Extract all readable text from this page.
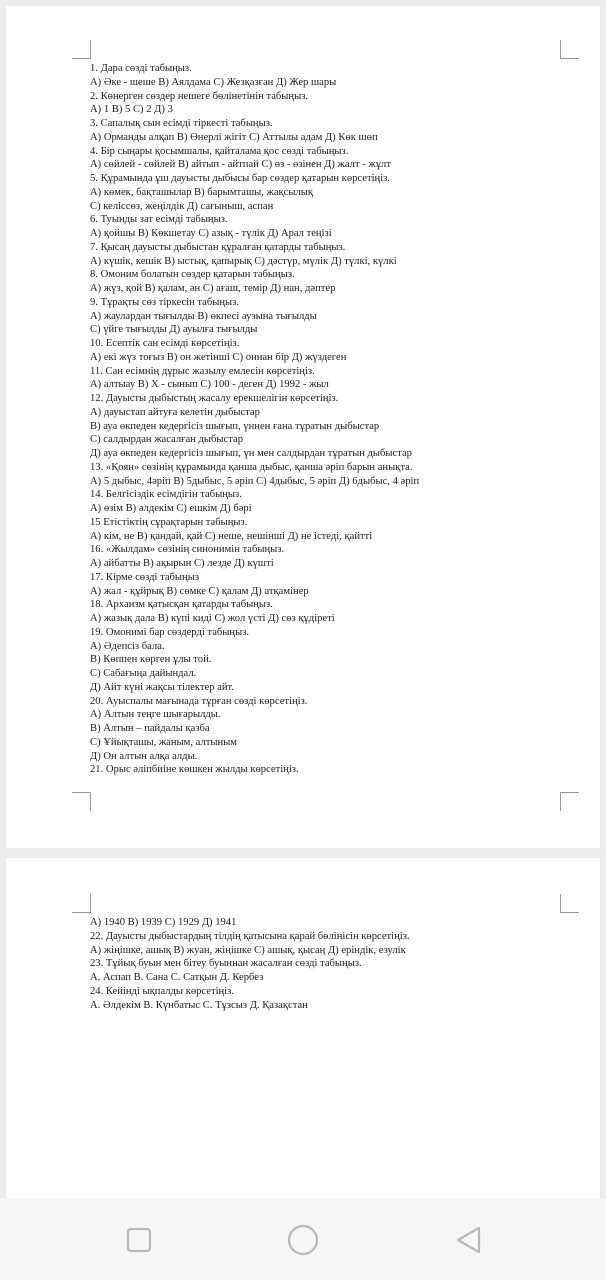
1. Дара сөзді табыңыз.
А) Әке - шеше В) Аялдама С) Жезқазған Д) Жер шары
2. Көнерген сөздер нешеге бөлінетінін табыңыз.
А) 1 В) 5 С) 2 Д) 3
3. Сапалық сын есімді тіркесті табыңыз.
А) Орманды алқап В) Өнерлі жігіт С) Аттылы адам Д) Көк шөп
4. Бір сыңары қосымшалы, қайталама қос сөзді табыңыз.
А) сөйлей - сөйлей В) айтып - айтпай С) өз - өзінен Д) жалт - жұлт
5. Құрамында ұш дауысты дыбысы бар сөздер қатарын көрсетіңіз.
А) көмек, бақташылар В) барымташы, жақсылық
С) келіссөз, жеңілдік Д) сағыныш, аспан
6. Туынды зат есімді табыңыз.
А) қойшы В) Көкшетау С) азық - түлік Д) Арал теңізі
7. Қысаң дауысты дыбыстан құралған қатарды табыңыз.
А) күшік, кешік В) ыстық, қапырық С) дәстүр, мүлік Д) түлкі, күлкі
8. Омоним болатын сөздер қатарын табыңыз.
А) жүз, қой В) қалам, ән С) ағаш, темір Д) нан, дәптер
9. Тұрақты сөз тіркесін табыңыз.
А) жаулардан тығылды В) өкпесі аузына тығылды
С) үйге тығылды Д) ауылға тығылды
10. Есептік сан есімді көрсетіңіз.
А) екі жүз тоғыз В) он жетінші С) оннан бір Д) жүздеген
11. Сан есімнің дұрыс жазылу емлесін көрсетіңіз.
А) алтыау В) Х - сынып С) 100 - деген Д) 1992 - жыл
12. Дауысты дыбыстың жасалу ерекшелігін көрсетіңіз.
А) дауыстап айтуға келетін дыбыстар
В) ауа өкпеден кедергісіз шығып, үннен ғана тұратын дыбыстар
С) салдырдан жасалған дыбыстар
Д) ауа өкпеден кедергісіз шығып, үн мен салдырдан тұратын дыбыстар
13. «Қоян» сөзінің құрамында қанша дыбыс, қанша әріп барын анықта.
А) 5 дыбыс, 4әріп В) 5дыбыс, 5 әріп С) 4дыбыс, 5 әріп Д) 6дыбыс, 4 әріп
14. Белгісіздік есімдігін табыңыз.
А) өзім В) әлдекім С) ешкім Д) бәрі
15 Етістіктің сұрақтарын табыңыз.
А) кім, не В) қандай, қай С) неше, нешінші Д) не істеді, қайтті
16. «Жылдам» сөзінің синонимін табыңыз.
А) айбатты В) ақырын С) лезде Д) күшті
17. Кірме сөзді табыңыз
А) жал - құйрық В) сөмке С) қалам Д) атқамінер
18. Архаизм қатысқан қатарды табыңыз.
А) жазық дала В) күпі киді С) жол үсті Д) сөз құдіреті
19. Омонимі бар сөздерді табыңыз.
А) Әдепсіз бала.
В) Көппен көрген ұлы той.
С) Сабағыңа дайындал.
Д) Айт күні жақсы тілектер айт.
20. Ауыспалы мағынада тұрған сөзді көрсетіңіз.
А) Алтын теңге шығарылды.
В) Алтын – пайдалы қазба
С) Ұйықташы, жаным, алтыным
Д) Он алтын алқа алды.
21. Орыс әліпбиіне көшкен жылды көрсетіңіз.
А) 1940 В) 1939 С) 1929 Д) 1941
22. Дауысты дыбыстардың тілдің қатысына қарай бөлінісін көрсетіңіз.
А) жіңішке, ашық В) жуан, жіңішке С) ашық, қысаң Д) еріндік, езулік
23. Тұйық буын мен бітеу буыннан жасалған сөзді табыңыз.
А. Аспап В. Сана С. Сатқын Д. Кербез
24. Кейінді ықпалды көрсетіңіз.
А. Әлдекім В. Күнбатыс С. Тұзсыз Д. Қазақстан
